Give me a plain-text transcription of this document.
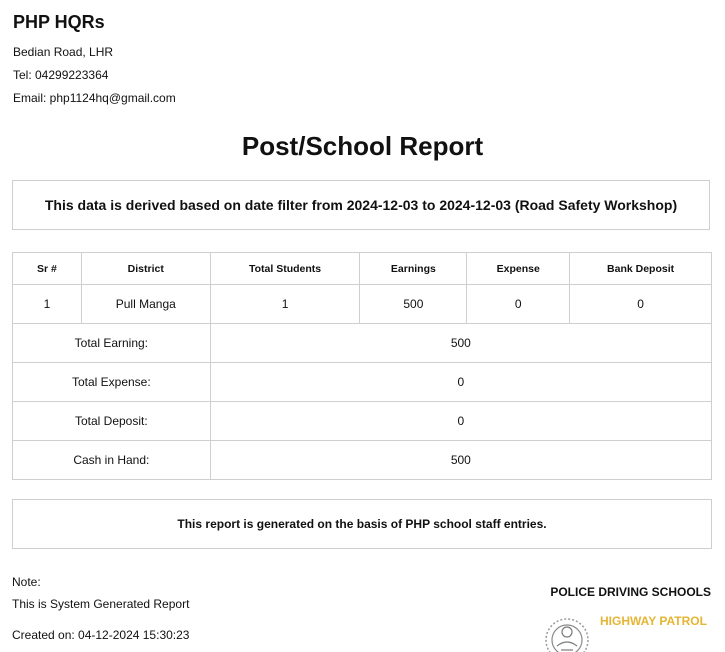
PHP HQRs
Bedian Road, LHR
Tel: 04299223364
Email: php1124hq@gmail.com
Post/School Report
This data is derived based on date filter from 2024-12-03 to 2024-12-03 (Road Safety Workshop)
Sr #	District	Total Students	Earnings	Expense	Bank Deposit
1	Pull Manga	1	500	0	0
Total Earning:		500			
Total Expense:		0			
Total Deposit:		0			
Cash in Hand:		500			
This report is generated on the basis of PHP school staff entries.
Note:
This is System Generated Report
Created on: 04-12-2024 15:30:23
POLICE DRIVING SCHOOLS
HIGHWAY PATROL
